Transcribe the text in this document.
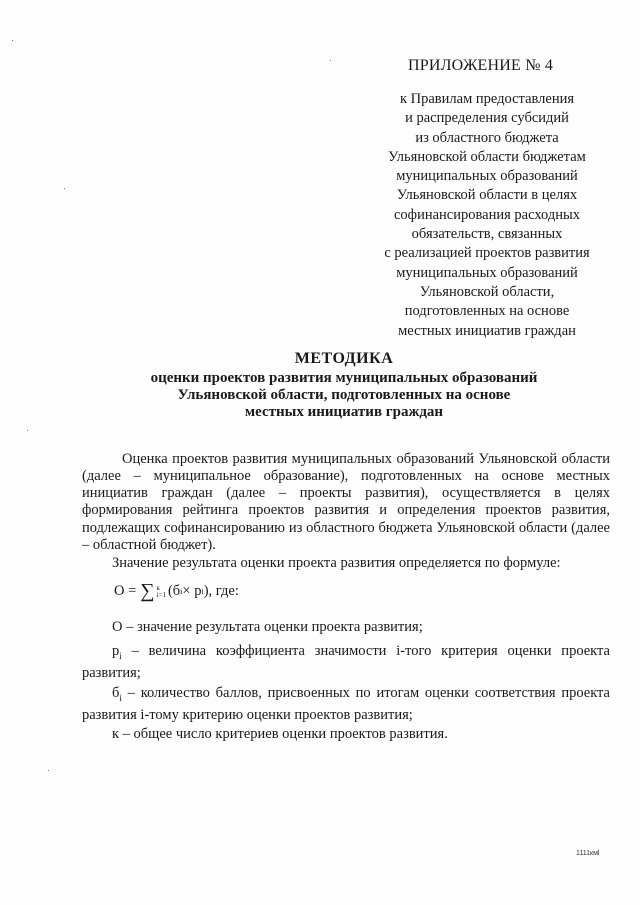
ПРИЛОЖЕНИЕ № 4
к Правилам предоставления
и распределения субсидий
из областного бюджета
Ульяновской области бюджетам
муниципальных образований
Ульяновской области в целях
софинансирования расходных
обязательств, связанных
с реализацией проектов развития
муниципальных образований
Ульяновской области,
подготовленных на основе
местных инициатив граждан
МЕТОДИКА
оценки проектов развития муниципальных образований
Ульяновской области, подготовленных на основе
местных инициатив граждан

Оценка проектов развития муниципальных образований Ульяновской области (далее – муниципальное образование), подготовленных на основе местных инициатив граждан (далее – проекты развития), осуществляется в целях формирования рейтинга проектов развития и определения проектов развития, подлежащих софинансированию из областного бюджета Ульяновской области (далее – областной бюджет).

Значение результата оценки проекта развития определяется по формуле:

О = ∑ к
i=1 (б i × р i ), где:

О – значение результата оценки проекта развития;

$р_i$ – величина коэффициента значимости i-того критерия оценки проекта развития;

$б_i$ – количество баллов, присвоенных по итогам оценки соответствия проекта развития i-тому критерию оценки проектов развития;

к – общее число критериев оценки проектов развития.

1111кмl
